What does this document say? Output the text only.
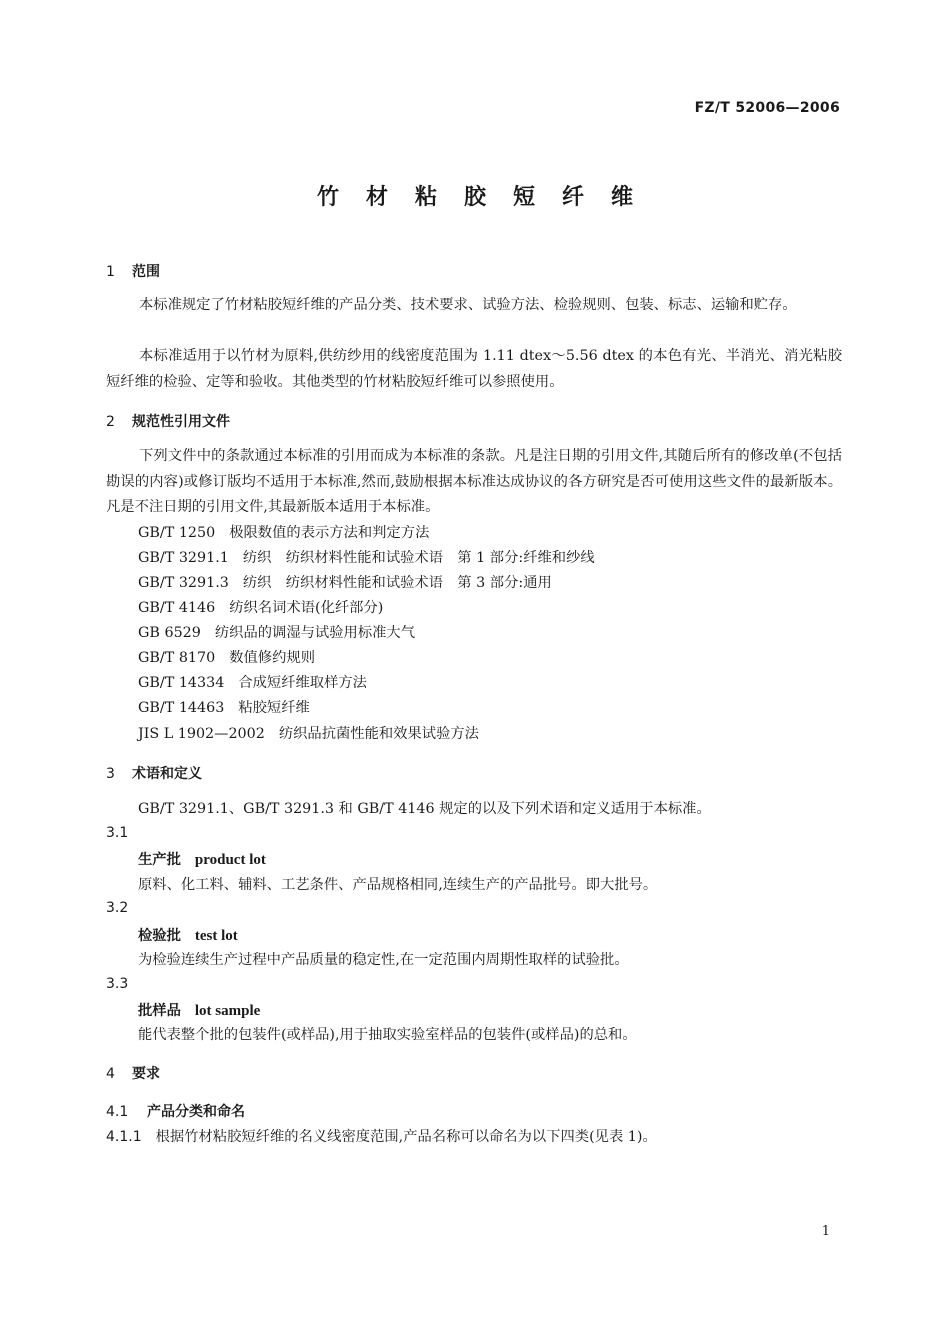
FZ/T 52006—2006
竹材粘胶短纤维
1 范围
本标准规定了竹材粘胶短纤维的产品分类、技术要求、试验方法、检验规则、包装、标志、运输和贮存。
本标准适用于以竹材为原料,供纺纱用的线密度范围为 1.11 dtex～5.56 dtex 的本色有光、半消光、消光粘胶短纤维的检验、定等和验收。其他类型的竹材粘胶短纤维可以参照使用。
2 规范性引用文件
下列文件中的条款通过本标准的引用而成为本标准的条款。凡是注日期的引用文件,其随后所有的修改单(不包括勘误的内容)或修订版均不适用于本标准,然而,鼓励根据本标准达成协议的各方研究是否可使用这些文件的最新版本。凡是不注日期的引用文件,其最新版本适用于本标准。
GB/T 1250 极限数值的表示方法和判定方法
GB/T 3291.1 纺织　纺织材料性能和试验术语　第 1 部分:纤维和纱线
GB/T 3291.3 纺织　纺织材料性能和试验术语　第 3 部分:通用
GB/T 4146 纺织名词术语(化纤部分)
GB 6529 纺织品的调湿与试验用标准大气
GB/T 8170 数值修约规则
GB/T 14334 合成短纤维取样方法
GB/T 14463 粘胶短纤维
JIS L 1902—2002 纺织品抗菌性能和效果试验方法
3 术语和定义
GB/T 3291.1、GB/T 3291.3 和 GB/T 4146 规定的以及下列术语和定义适用于本标准。
3.1
生产批 product lot
原料、化工料、辅料、工艺条件、产品规格相同,连续生产的产品批号。即大批号。
3.2
检验批 test lot
为检验连续生产过程中产品质量的稳定性,在一定范围内周期性取样的试验批。
3.3
批样品 lot sample
能代表整个批的包装件(或样品),用于抽取实验室样品的包装件(或样品)的总和。
4 要求
4.1 产品分类和命名
4.1.1 根据竹材粘胶短纤维的名义线密度范围,产品名称可以命名为以下四类(见表 1)。
1
